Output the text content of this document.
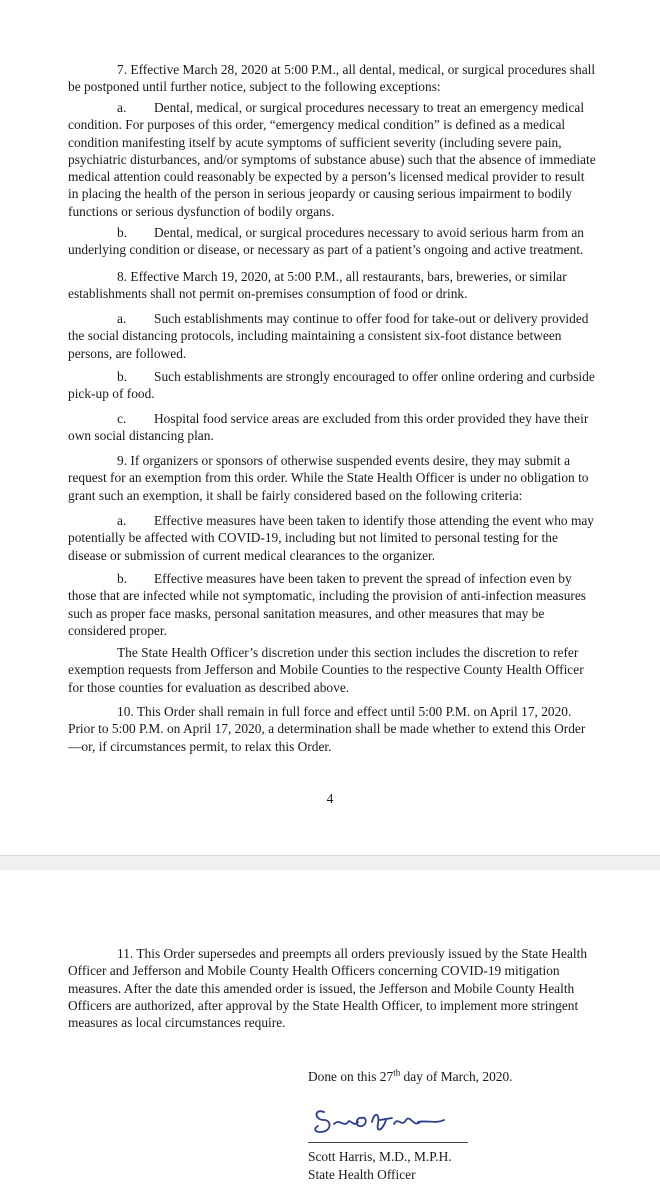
7. Effective March 28, 2020 at 5:00 P.M., all dental, medical, or surgical procedures shall be postponed until further notice, subject to the following exceptions:

a. Dental, medical, or surgical procedures necessary to treat an emergency medical condition. For purposes of this order, “emergency medical condition” is defined as a medical condition manifesting itself by acute symptoms of sufficient severity (including severe pain, psychiatric disturbances, and/or symptoms of substance abuse) such that the absence of immediate medical attention could reasonably be expected by a person’s licensed medical provider to result in placing the health of the person in serious jeopardy or causing serious impairment to bodily functions or serious dysfunction of bodily organs.

b. Dental, medical, or surgical procedures necessary to avoid serious harm from an underlying condition or disease, or necessary as part of a patient’s ongoing and active treatment.

8. Effective March 19, 2020, at 5:00 P.M., all restaurants, bars, breweries, or similar establishments shall not permit on-premises consumption of food or drink.

a. Such establishments may continue to offer food for take-out or delivery provided the social distancing protocols, including maintaining a consistent six-foot distance between persons, are followed.

b. Such establishments are strongly encouraged to offer online ordering and curbside pick-up of food.

c. Hospital food service areas are excluded from this order provided they have their own social distancing plan.

9. If organizers or sponsors of otherwise suspended events desire, they may submit a request for an exemption from this order. While the State Health Officer is under no obligation to grant such an exemption, it shall be fairly considered based on the following criteria:

a. Effective measures have been taken to identify those attending the event who may potentially be affected with COVID-19, including but not limited to personal testing for the disease or submission of current medical clearances to the organizer.

b. Effective measures have been taken to prevent the spread of infection even by those that are infected while not symptomatic, including the provision of anti-infection measures such as proper face masks, personal sanitation measures, and other measures that may be considered proper.

The State Health Officer’s discretion under this section includes the discretion to refer exemption requests from Jefferson and Mobile Counties to the respective County Health Officer for those counties for evaluation as described above.

10. This Order shall remain in full force and effect until 5:00 P.M. on April 17, 2020. Prior to 5:00 P.M. on April 17, 2020, a determination shall be made whether to extend this Order—or, if circumstances permit, to relax this Order.

4

11. This Order supersedes and preempts all orders previously issued by the State Health Officer and Jefferson and Mobile County Health Officers concerning COVID-19 mitigation measures. After the date this amended order is issued, the Jefferson and Mobile County Health Officers are authorized, after approval by the State Health Officer, to implement more stringent measures as local circumstances require.

Done on this 27th day of March, 2020.
Scott Harris, M.D., M.P.H.
State Health Officer
